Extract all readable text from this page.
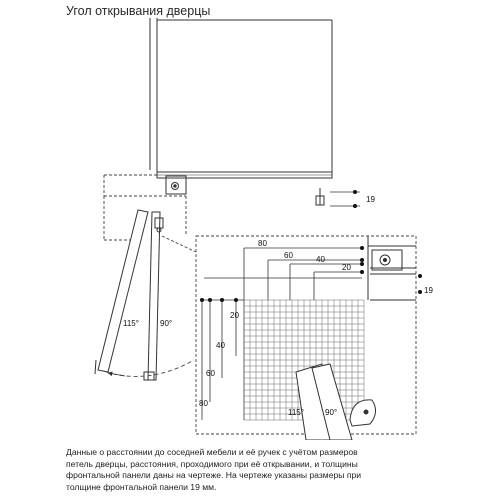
Угол открывания дверцы
19
115°	90°
19
80
60	40
20
20
40
60
80
115°	90°
Данные о расстоянии до соседней мебели и её ручек с учётом размеров
петель дверцы, расстояния, проходимого при её открывании, и толщины
фронтальной панели даны на чертеже. На чертеже указаны размеры при
толщине фронтальной панели 19 мм.
